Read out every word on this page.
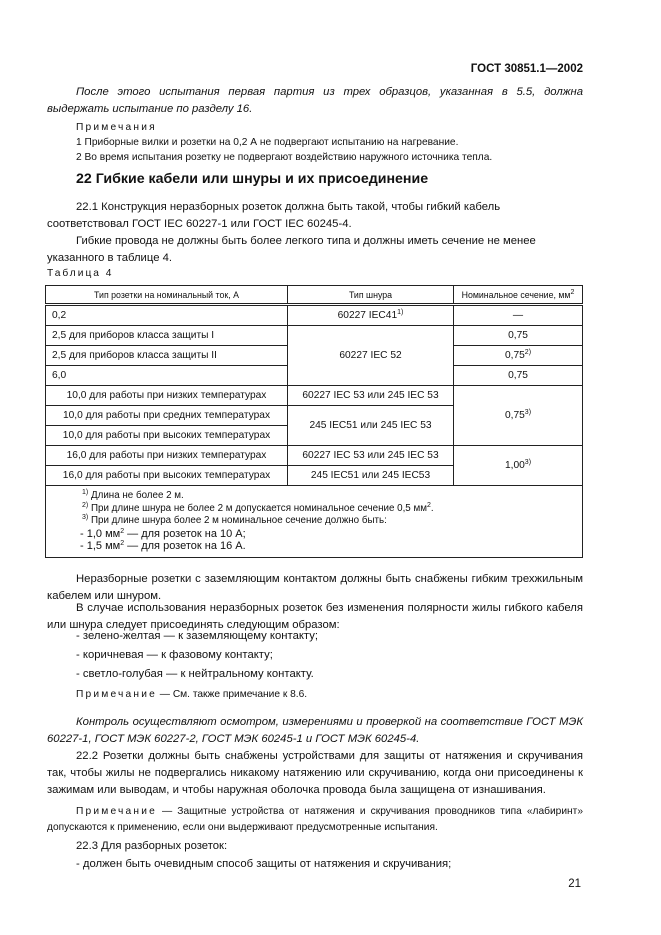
ГОСТ 30851.1—2002

После этого испытания первая партия из трех образцов, указанная в 5.5, должна выдержать испытание по разделу 16.

Примечания
1 Приборные вилки и розетки на 0,2 А не подвергают испытанию на нагревание.
2 Во время испытания розетку не подвергают воздействию наружного источника тепла.
22 Гибкие кабели или шнуры и их присоединение

22.1 Конструкция неразборных розеток должна быть такой, чтобы гибкий кабель соответствовал ГОСТ IEC 60227-1 или ГОСТ IEC 60245-4.

Гибкие провода не должны быть более легкого типа и должны иметь сечение не менее указанного в таблице 4.

Таблица 4
Тип розетки на номинальный ток, А	Тип шнура	Номинальное сечение, $мм^2$
0,2	60227 IEC41$^{1)}$	—
2,5 для приборов класса защиты I	60227 IEC 52	0,75
2,5 для приборов класса защиты II		0,75$^{2)}$
6,0		0,75
10,0 для работы при низких температурах	60227 IEC 53 или 245 IEC 53	0,75$^{3)}$
10,0 для работы при средних температурах	245 IEC51 или 245 IEC 53	
10,0 для работы при высоких температурах		
16,0 для работы при низких температурах	60227 IEC 53 или 245 IEC 53	1,00$^{3)}$
16,0 для работы при высоких температурах	245 IEC51 или 245 IEC53	

$^{1)}$ Длина не более 2 м.
$^{2)}$ При длине шнура не более 2 м допускается номинальное сечение 0,5 $мм^2$.
$^{3)}$ При длине шнура более 2 м номинальное сечение должно быть:
- 1,0 $мм^2$ — для розеток на 10 А;
- 1,5 $мм^2$ — для розеток на 16 А.		

Неразборные розетки с заземляющим контактом должны быть снабжены гибким трехжильным кабелем или шнуром.

В случае использования неразборных розеток без изменения полярности жилы гибкого кабеля или шнура следует присоединять следующим образом:

- зелено-желтая — к заземляющему контакту;
- коричневая — к фазовому контакту;
- светло-голубая — к нейтральному контакту.
Примечание — См. также примечание к 8.6.

Контроль осуществляют осмотром, измерениями и проверкой на соответствие ГОСТ МЭК 60227-1, ГОСТ МЭК 60227-2, ГОСТ МЭК 60245-1 и ГОСТ МЭК 60245-4.

22.2 Розетки должны быть снабжены устройствами для защиты от натяжения и скручивания так, чтобы жилы не подвергались никакому натяжению или скручиванию, когда они присоединены к зажимам или выводам, и чтобы наружная оболочка провода была защищена от изнашивания.

Примечание — Защитные устройства от натяжения и скручивания проводников типа «лабиринт» допускаются к применению, если они выдерживают предусмотренные испытания.

22.3 Для разборных розеток:
- должен быть очевидным способ защиты от натяжения и скручивания;
21
